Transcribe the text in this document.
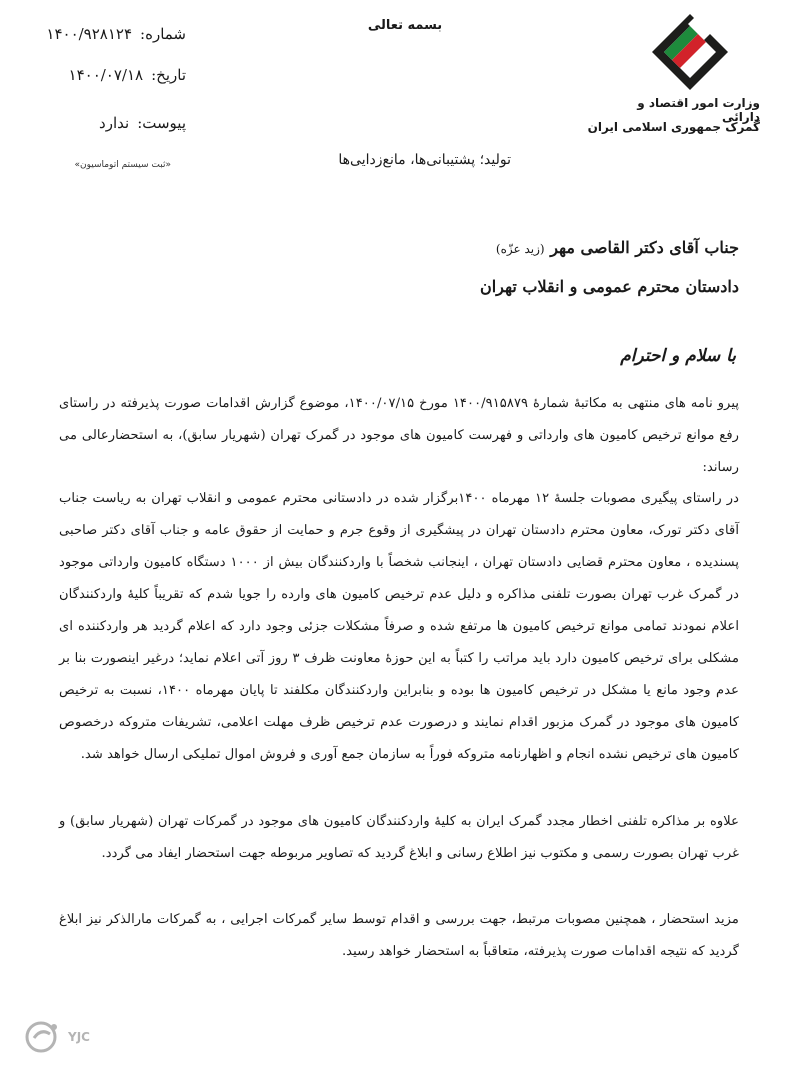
وزارت امور اقتصاد و دارائی
گمرک جمهوری اسلامی ایران
بسمه تعالی
شماره:
۱۴۰۰/۹۲۸۱۲۴
تاریخ:
۱۴۰۰/۰۷/۱۸
پیوست:
ندارد
«ثبت سیستم اتوماسیون»	تولید؛ پشتیبانی‌ها، مانع‌زدایی‌ها
جناب آقای دکتر القاصی مهر (زید عزّه)
دادستان محترم عمومی و انقلاب تهران
با سلام و احترام
پیرو نامه های منتهی به مکاتبهٔ شمارهٔ ۱۴۰۰/۹۱۵۸۷۹ مورخ ۱۴۰۰/۰۷/۱۵، موضوع گزارش اقدامات صورت پذیرفته در راستای رفع موانع ترخیص کامیون های وارداتی و فهرست کامیون های موجود در گمرک تهران (شهریار سابق)، به استحضارعالی می رساند:
در راستای پیگیری مصوبات جلسهٔ ۱۲ مهرماه ۱۴۰۰برگزار شده در دادستانی محترم عمومی و انقلاب تهران به ریاست جناب آقای دکتر تورک، معاون محترم دادستان تهران در پیشگیری از وقوع جرم و حمایت از حقوق عامه و جناب آقای دکتر صاحبی پسندیده ، معاون محترم قضایی دادستان تهران ، اینجانب شخصاً با واردکنندگان بیش از ۱۰۰۰ دستگاه کامیون وارداتی موجود در گمرک غرب تهران بصورت تلفنی مذاکره و دلیل عدم ترخیص کامیون های وارده را جویا شدم که تقریباً کلیهٔ واردکنندگان اعلام نمودند تمامی موانع ترخیص کامیون ها مرتفع شده و صرفاً مشکلات جزئی وجود دارد که اعلام گردید هر واردکننده ای مشکلی برای ترخیص کامیون دارد باید مراتب را کتباً به این حوزهٔ معاونت ظرف ۳ روز آتی اعلام نماید؛ درغیر اینصورت بنا بر عدم وجود مانع یا مشکل در ترخیص کامیون ها بوده و بنابراین واردکنندگان مکلفند تا پایان مهرماه ۱۴۰۰، نسبت به ترخیص کامیون های موجود در گمرک مزبور اقدام نمایند و درصورت عدم ترخیص ظرف مهلت اعلامی، تشریفات متروکه درخصوص کامیون های ترخیص نشده انجام و اظهارنامه متروکه فوراً به سازمان جمع آوری و فروش اموال تملیکی ارسال خواهد شد.
علاوه بر مذاکره تلفنی اخطار مجدد گمرک ایران به کلیهٔ واردکنندگان کامیون های موجود در گمرکات تهران (شهریار سابق) و غرب تهران بصورت رسمی و مکتوب نیز اطلاع رسانی و ابلاغ گردید که تصاویر مربوطه جهت استحضار ایفاد می گردد.
مزید استحضار ، همچنین مصوبات مرتبط، جهت بررسی و اقدام توسط سایر گمرکات اجرایی ، به گمرکات مارالذکر نیز ابلاغ گردید که نتیجه اقدامات صورت پذیرفته، متعاقباً به استحضار خواهد رسید.
YJC
